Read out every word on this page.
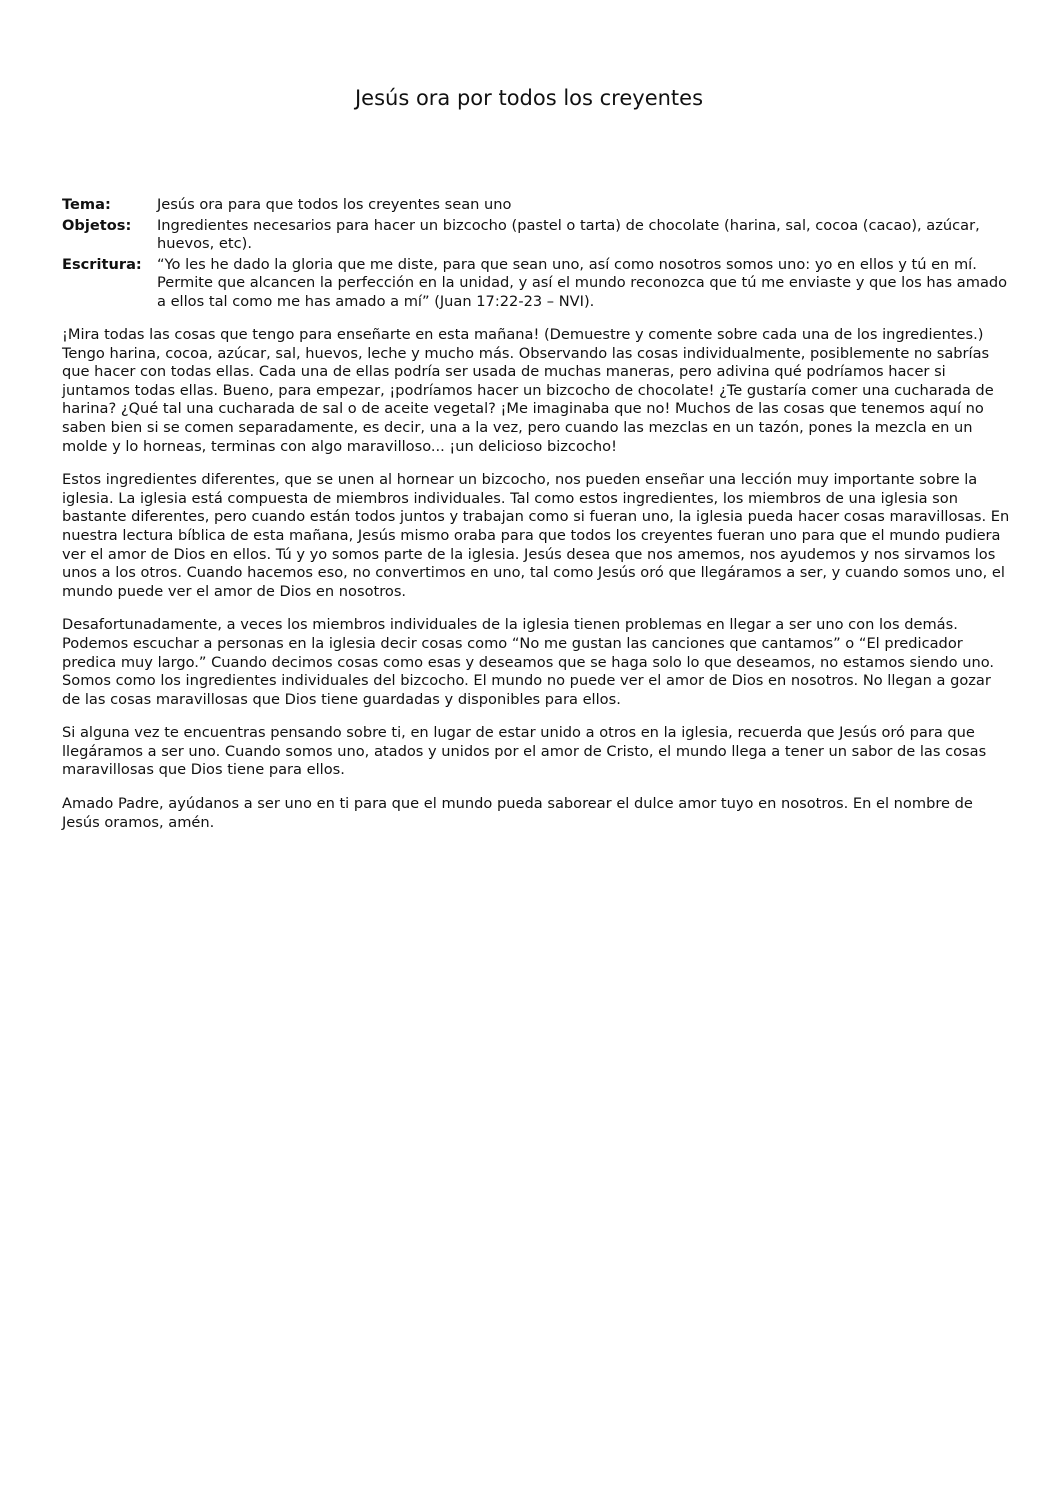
Jesús ora por todos los creyentes
Tema:	Jesús ora para que todos los creyentes sean uno
Objetos:	Ingredientes necesarios para hacer un bizcocho (pastel o tarta) de chocolate (harina, sal, cocoa (cacao), azúcar, huevos, etc).
Escritura:	“Yo les he dado la gloria que me diste, para que sean uno, así como nosotros somos uno: yo en ellos y tú en mí. Permite que alcancen la perfección en la unidad, y así el mundo reconozca que tú me enviaste y que los has amado a ellos tal como me has amado a mí” (Juan 17:22-23 – NVI).

¡Mira todas las cosas que tengo para enseñarte en esta mañana! (Demuestre y comente sobre cada una de los ingredientes.) Tengo harina, cocoa, azúcar, sal, huevos, leche y mucho más. Observando las cosas individualmente, posiblemente no sabrías que hacer con todas ellas. Cada una de ellas podría ser usada de muchas maneras, pero adivina qué podríamos hacer si juntamos todas ellas. Bueno, para empezar, ¡podríamos hacer un bizcocho de chocolate! ¿Te gustaría comer una cucharada de harina? ¿Qué tal una cucharada de sal o de aceite vegetal? ¡Me imaginaba que no! Muchos de las cosas que tenemos aquí no saben bien si se comen separadamente, es decir, una a la vez, pero cuando las mezclas en un tazón, pones la mezcla en un molde y lo horneas, terminas con algo maravilloso... ¡un delicioso bizcocho!

Estos ingredientes diferentes, que se unen al hornear un bizcocho, nos pueden enseñar una lección muy importante sobre la iglesia. La iglesia está compuesta de miembros individuales. Tal como estos ingredientes, los miembros de una iglesia son bastante diferentes, pero cuando están todos juntos y trabajan como si fueran uno, la iglesia pueda hacer cosas maravillosas. En nuestra lectura bíblica de esta mañana, Jesús mismo oraba para que todos los creyentes fueran uno para que el mundo pudiera ver el amor de Dios en ellos. Tú y yo somos parte de la iglesia. Jesús desea que nos amemos, nos ayudemos y nos sirvamos los unos a los otros. Cuando hacemos eso, no convertimos en uno, tal como Jesús oró que llegáramos a ser, y cuando somos uno, el mundo puede ver el amor de Dios en nosotros.

Desafortunadamente, a veces los miembros individuales de la iglesia tienen problemas en llegar a ser uno con los demás. Podemos escuchar a personas en la iglesia decir cosas como “No me gustan las canciones que cantamos” o “El predicador predica muy largo.” Cuando decimos cosas como esas y deseamos que se haga solo lo que deseamos, no estamos siendo uno. Somos como los ingredientes individuales del bizcocho. El mundo no puede ver el amor de Dios en nosotros. No llegan a gozar de las cosas maravillosas que Dios tiene guardadas y disponibles para ellos.

Si alguna vez te encuentras pensando sobre ti, en lugar de estar unido a otros en la iglesia, recuerda que Jesús oró para que llegáramos a ser uno. Cuando somos uno, atados y unidos por el amor de Cristo, el mundo llega a tener un sabor de las cosas maravillosas que Dios tiene para ellos.

Amado Padre, ayúdanos a ser uno en ti para que el mundo pueda saborear el dulce amor tuyo en nosotros. En el nombre de Jesús oramos, amén.
